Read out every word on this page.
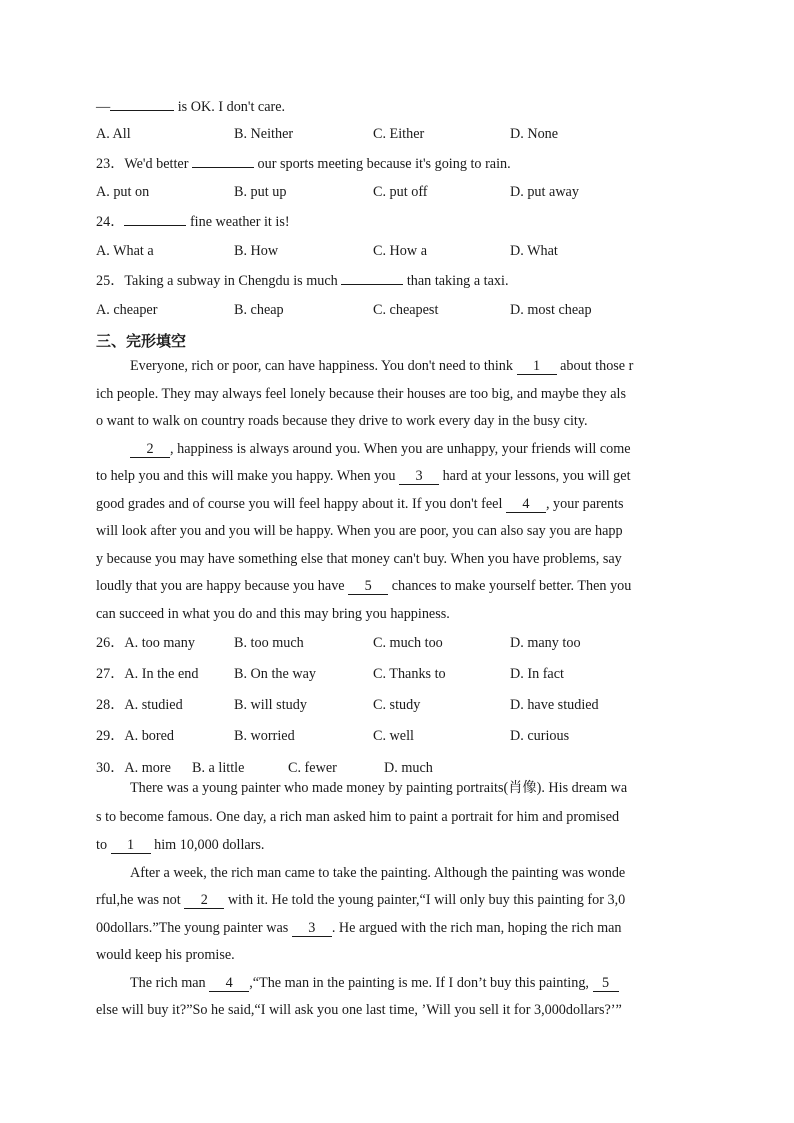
—	is OK. I don't care.
A. All	B. Neither	C. Either	D. None
23．We'd better	our sports meeting because it's going to rain.
A. put on	B. put up	C. put off	D. put away
24．	fine weather it is!
A. What a	B. How	C. How a	D. What
25．Taking a subway in Chengdu is much	than taking a taxi.
A. cheaper	B. cheap	C. cheapest	D. most cheap
三、完形填空
Everyone, rich or poor, can have happiness. You don't need to think 1 about those r
ich people. They may always feel lonely because their houses are too big, and maybe they als
o want to walk on country roads because they drive to work every day in the busy city.
2 , happiness is always around you. When you are unhappy, your friends will come
to help you and this will make you happy. When you 3 hard at your lessons, you will get
good grades and of course you will feel happy about it. If you don't feel 4 , your parents
will look after you and you will be happy. When you are poor, you can also say you are happ
y because you may have something else that money can't buy. When you have problems, say
loudly that you are happy because you have 5 chances to make yourself better. Then you
can succeed in what you do and this may bring you happiness.
26．A. too many	B. too much	C. much too	D. many too
27．A. In the end	B. On the way	C. Thanks to	D. In fact
28．A. studied	B. will study	C. study	D. have studied
29．A. bored	B. worried	C. well	D. curious
30．A. more B. a little	C. fewer	D. much
There was a young painter who made money by painting portraits(肖像). His dream wa
s to become famous. One day, a rich man asked him to paint a portrait for him and promised
to 1 him 10,000 dollars.
After a week, the rich man came to take the painting. Although the painting was wonde
rful,he was not 2 with it. He told the young painter,“I will only buy this painting for 3,0
00dollars.”The young painter was 3 . He argued with the rich man, hoping the rich man
would keep his promise.
The rich man 4 ,“The man in the painting is me. If I don’t buy this painting, 5
else will buy it?”So he said,“I will ask you one last time, ’Will you sell it for 3,000dollars?’”
